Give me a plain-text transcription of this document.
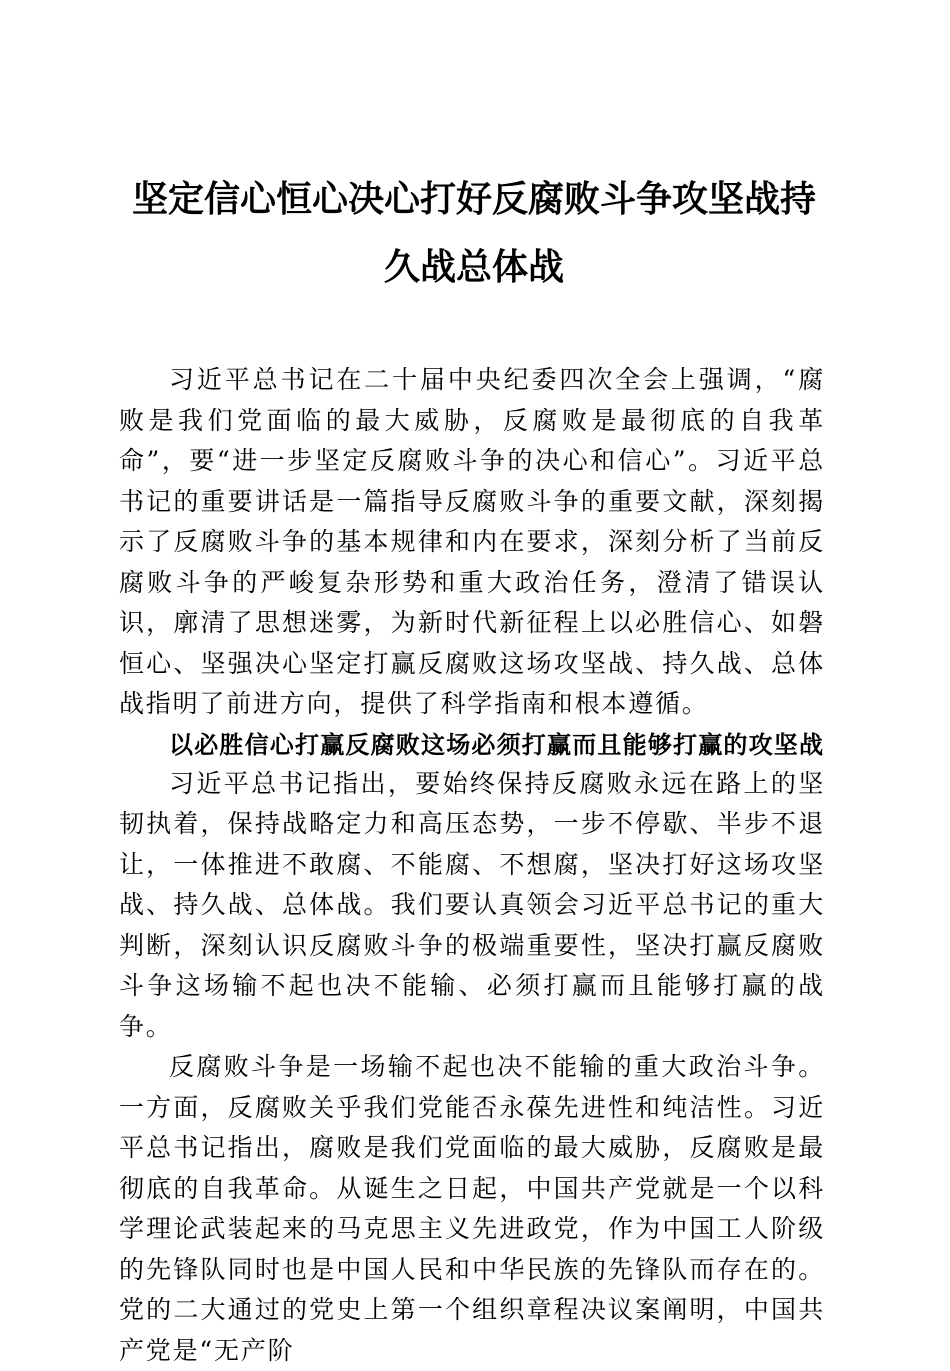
坚定信心恒心决心打好反腐败斗争攻坚战持久战总体战

习近平总书记在二十届中央纪委四次全会上强调，“腐败是我们党面临的最大威胁，反腐败是最彻底的自我革命”，要“进一步坚定反腐败斗争的决心和信心”。习近平总书记的重要讲话是一篇指导反腐败斗争的重要文献，深刻揭示了反腐败斗争的基本规律和内在要求，深刻分析了当前反腐败斗争的严峻复杂形势和重大政治任务，澄清了错误认识，廓清了思想迷雾，为新时代新征程上以必胜信心、如磐恒心、坚强决心坚定打赢反腐败这场攻坚战、持久战、总体战指明了前进方向，提供了科学指南和根本遵循。

以必胜信心打赢反腐败这场必须打赢而且能够打赢的攻坚战

习近平总书记指出，要始终保持反腐败永远在路上的坚韧执着，保持战略定力和高压态势，一步不停歇、半步不退让，一体推进不敢腐、不能腐、不想腐，坚决打好这场攻坚战、持久战、总体战。我们要认真领会习近平总书记的重大判断，深刻认识反腐败斗争的极端重要性，坚决打赢反腐败斗争这场输不起也决不能输、必须打赢而且能够打赢的战争。

反腐败斗争是一场输不起也决不能输的重大政治斗争。一方面，反腐败关乎我们党能否永葆先进性和纯洁性。习近平总书记指出，腐败是我们党面临的最大威胁，反腐败是最彻底的自我革命。从诞生之日起，中国共产党就是一个以科学理论武装起来的马克思主义先进政党，作为中国工人阶级的先锋队同时也是中国人民和中华民族的先锋队而存在的。党的二大通过的党史上第一个组织章程决议案阐明，中国共产党是“无产阶
